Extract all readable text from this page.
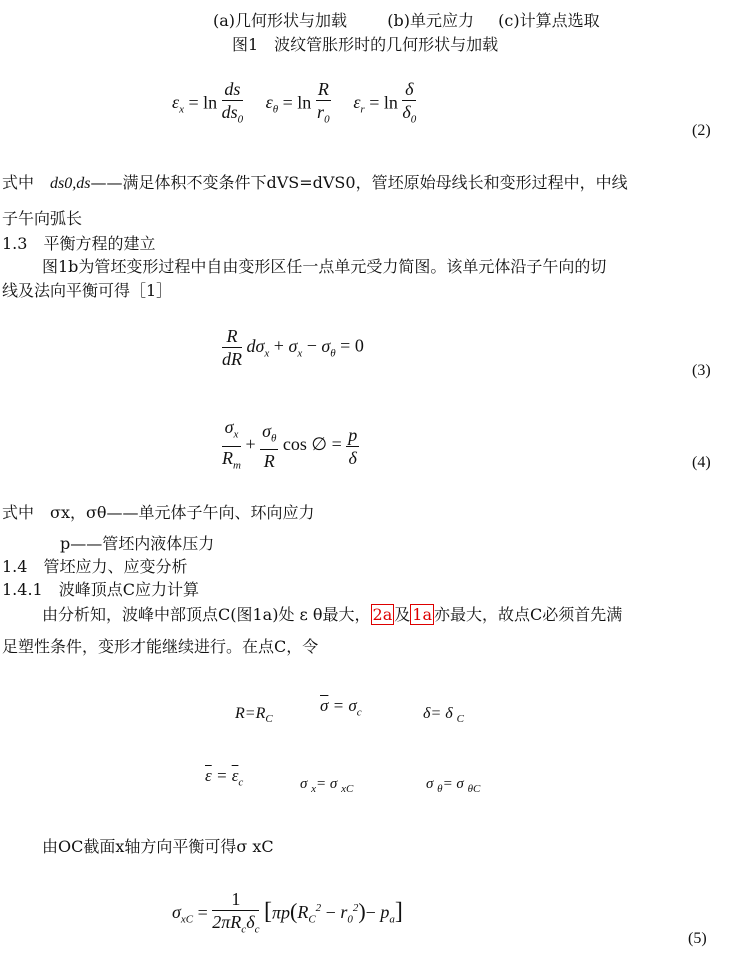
(a)几何形状与加载	(b)单元应力 (c)计算点选取
图1　波纹管胀形时的几何形状与加载
$\varepsilon_x = \ln \frac{ds}{ds_0} \varepsilon_\theta = \ln \frac{R}{r_0} \varepsilon_r = \ln \frac{\delta}{\delta_0}$	(2)
式中　ds0,ds——满足体积不变条件下dVS=dVS0，管坯原始母线长和变形过程中，中线
子午向弧长
1.3　平衡方程的建立
图1b为管坯变形过程中自由变形区任一点单元受力简图。该单元体沿子午向的切
线及法向平衡可得［1］
$\frac{R}{dR} d\sigma_x + \sigma_x - \sigma_\theta = 0$
(3)
$\frac{\sigma_x}{R_m} + \frac{\sigma_\theta}{R}$ cos ∅ = $\frac{p}{\delta}$	(4)
式中　σx，σθ——单元体子午向、环向应力
p——管坯内液体压力
1.4　管坯应力、应变分析
1.4.1　波峰顶点C应力计算
由分析知，波峰中部顶点C(图1a)处 ε θ最大， 2a 及 1a 亦最大，故点C必须首先满
足塑性条件，变形才能继续进行。在点C，令
$R=R_C$
$\overline{\sigma} = \sigma_c$	δ= δ $_C$
$\overline{\varepsilon} = \overline{\varepsilon}_c$	σ $_x$= σ $_{xC}$	σ $_\theta$= σ $_{\theta C}$
由OC截面x轴方向平衡可得σ xC
$\sigma_{xC} = \frac{1}{2\pi R_c\delta_c} [\pi p(R_C^2 - r_0^2)- p_a]$
(5)
